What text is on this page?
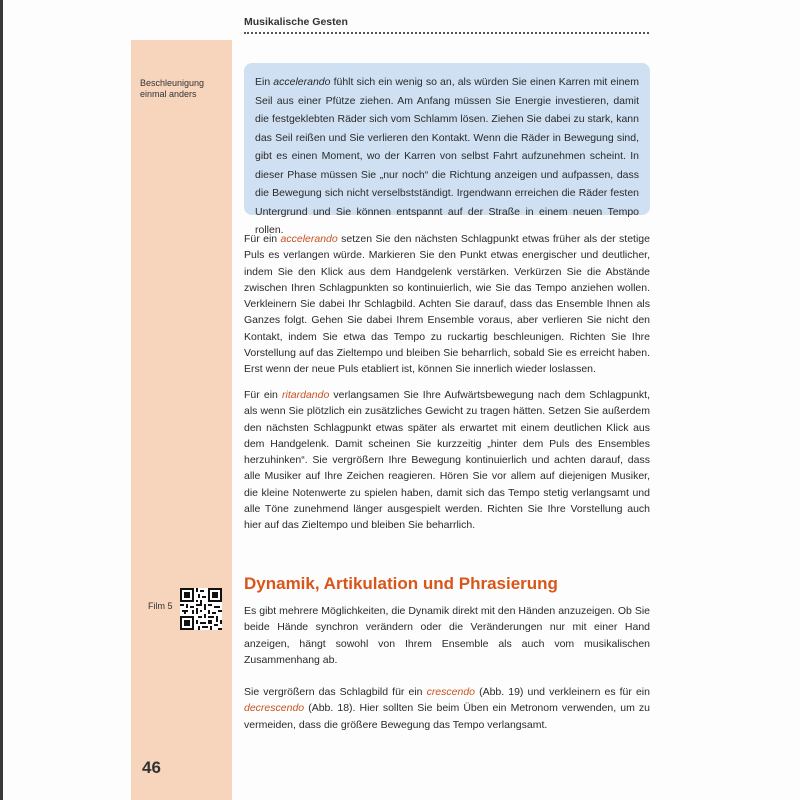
Musikalische Gesten
Beschleunigung einmal anders

Ein accelerando fühlt sich ein wenig so an, als würden Sie einen Karren mit einem Seil aus einer Pfütze ziehen. Am Anfang müssen Sie Energie investieren, damit die festgeklebten Räder sich vom Schlamm lösen. Ziehen Sie dabei zu stark, kann das Seil reißen und Sie verlieren den Kontakt. Wenn die Räder in Bewegung sind, gibt es einen Moment, wo der Karren von selbst Fahrt aufzunehmen scheint. In dieser Phase müssen Sie „nur noch“ die Richtung anzeigen und aufpassen, dass die Bewegung sich nicht verselbstständigt. Irgendwann erreichen die Räder festen Untergrund und Sie können entspannt auf der Straße in einem neuen Tempo rollen.

Für ein accelerando setzen Sie den nächsten Schlagpunkt etwas früher als der stetige Puls es verlangen würde. Markieren Sie den Punkt etwas energischer und deutlicher, indem Sie den Klick aus dem Handgelenk verstärken. Verkürzen Sie die Abstände zwischen Ihren Schlagpunkten so kontinuierlich, wie Sie das Tempo anziehen wollen. Verkleinern Sie dabei Ihr Schlagbild. Achten Sie darauf, dass das Ensemble Ihnen als Ganzes folgt. Gehen Sie dabei Ihrem Ensemble voraus, aber verlieren Sie nicht den Kontakt, indem Sie etwa das Tempo zu ruckartig beschleunigen. Richten Sie Ihre Vorstellung auf das Zieltempo und bleiben Sie beharrlich, sobald Sie es erreicht haben. Erst wenn der neue Puls etabliert ist, können Sie innerlich wieder loslassen.

Für ein ritardando verlangsamen Sie Ihre Aufwärtsbewegung nach dem Schlagpunkt, als wenn Sie plötzlich ein zusätzliches Gewicht zu tragen hätten. Setzen Sie außerdem den nächsten Schlagpunkt etwas später als erwartet mit einem deutlichen Klick aus dem Handgelenk. Damit scheinen Sie kurzzeitig „hinter dem Puls des Ensembles herzuhinken“. Sie vergrößern Ihre Bewegung kontinuierlich und achten darauf, dass alle Musiker auf Ihre Zeichen reagieren. Hören Sie vor allem auf diejenigen Musiker, die kleine Notenwerte zu spielen haben, damit sich das Tempo stetig verlangsamt und alle Töne zunehmend länger ausgespielt werden. Richten Sie Ihre Vorstellung auch hier auf das Zieltempo und bleiben Sie beharrlich.

Dynamik, Artikulation und Phrasierung
Film 5	Es gibt mehrere Möglichkeiten, die Dynamik direkt mit den Händen anzuzeigen. Ob Sie beide Hände synchron verändern oder die Veränderungen nur mit einer Hand anzeigen, hängt sowohl von Ihrem Ensemble als auch vom musikalischen Zusammenhang ab.

Sie vergrößern das Schlagbild für ein crescendo (Abb. 19) und verkleinern es für ein decrescendo (Abb. 18). Hier sollten Sie beim Üben ein Metronom verwenden, um zu vermeiden, dass die größere Bewegung das Tempo verlangsamt.

46
